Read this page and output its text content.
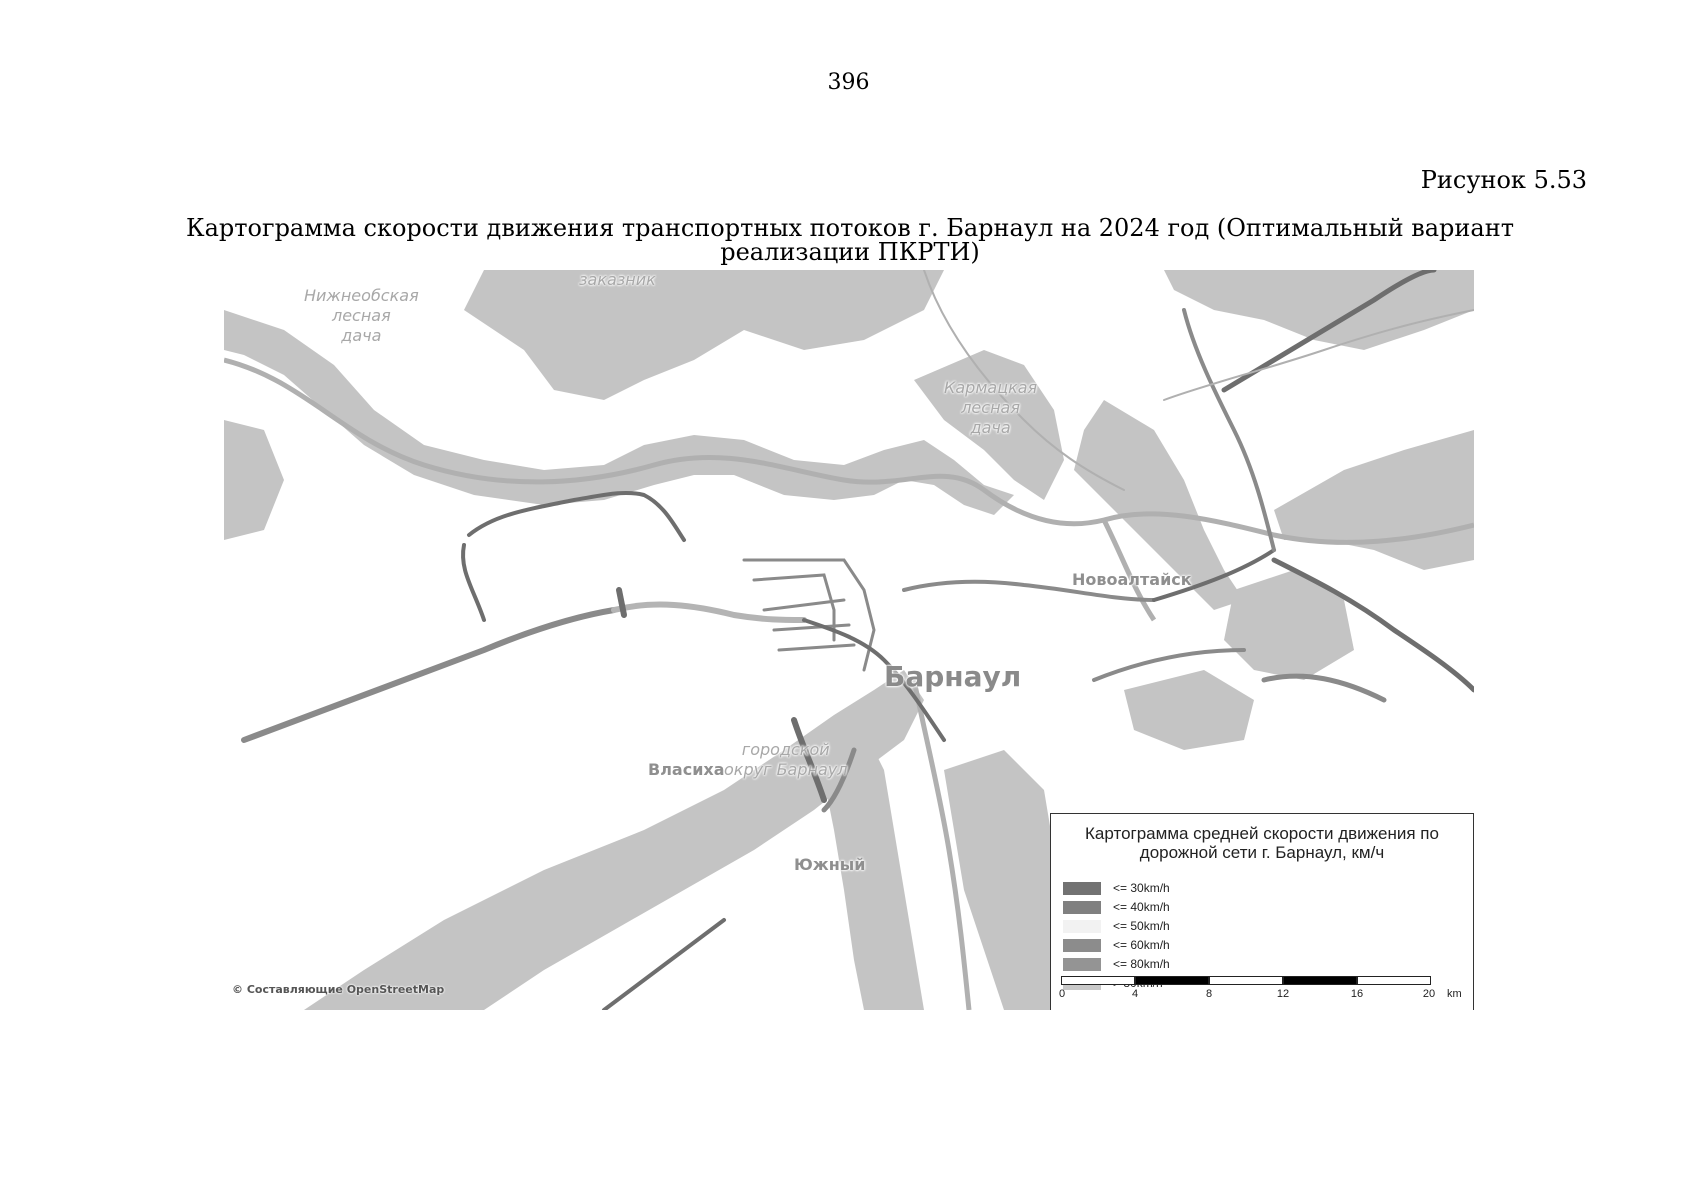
396
Рисунок 5.53
Картограмма скорости движения транспортных потоков г. Барнаул на 2024 год (Оптимальный вариант реализации ПКРТИ)
© Составляющие OpenStreetMap
заказник
Нижнеобская
лесная
дача
Кармацкая
лесная
дача
Новоалтайск
Барнаул
Власиха
городской
округ Барнаул
Южный
Картограмма средней скорости движения по дорожной сети г. Барнаул, км/ч
<= 30km/h
<= 40km/h
<= 50km/h
<= 60km/h
<= 80km/h
0	4	8	12	16	20 km
